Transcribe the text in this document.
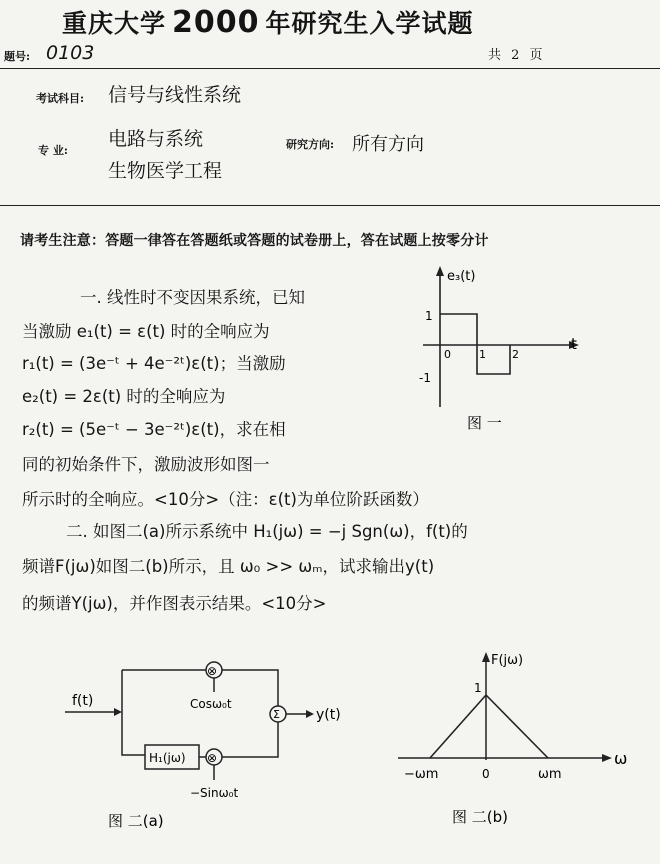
重庆大学 2000 年研究生入学试题
题号: 0103	共 2 页
考试科目: 信号与线性系统
专 业:
电路与系统
生物医学工程
研究方向: 所有方向
请考生注意：答题一律答在答题纸或答题的试卷册上，答在试题上按零分计
一. 线性时不变因果系统，已知
当激励 e₁(t) = ε(t) 时的全响应为
r₁(t) = (3e⁻ᵗ + 4e⁻²ᵗ)ε(t)；当激励
e₂(t) = 2ε(t) 时的全响应为
r₂(t) = (5e⁻ᵗ − 3e⁻²ᵗ)ε(t)，求在相
同的初始条件下，激励波形如图一
所示时的全响应。<10分>（注：ε(t)为单位阶跃函数）
e₃(t)
1
-1
0	1 2
t
图 一
二. 如图二(a)所示系统中 H₁(jω) = −j Sgn(ω)，f(t)的
频谱F(jω)如图二(b)所示，且 ω₀ >> ωₘ，试求输出y(t)
的频谱Y(jω)，并作图表示结果。<10分>
f(t)
⊗
Cosω₀t
H₁(jω) ⊗
−Sinω₀t
Σ	y(t)
图 二(a)
F(jω)
1
−ωm	0	ωm
ω
图 二(b)
